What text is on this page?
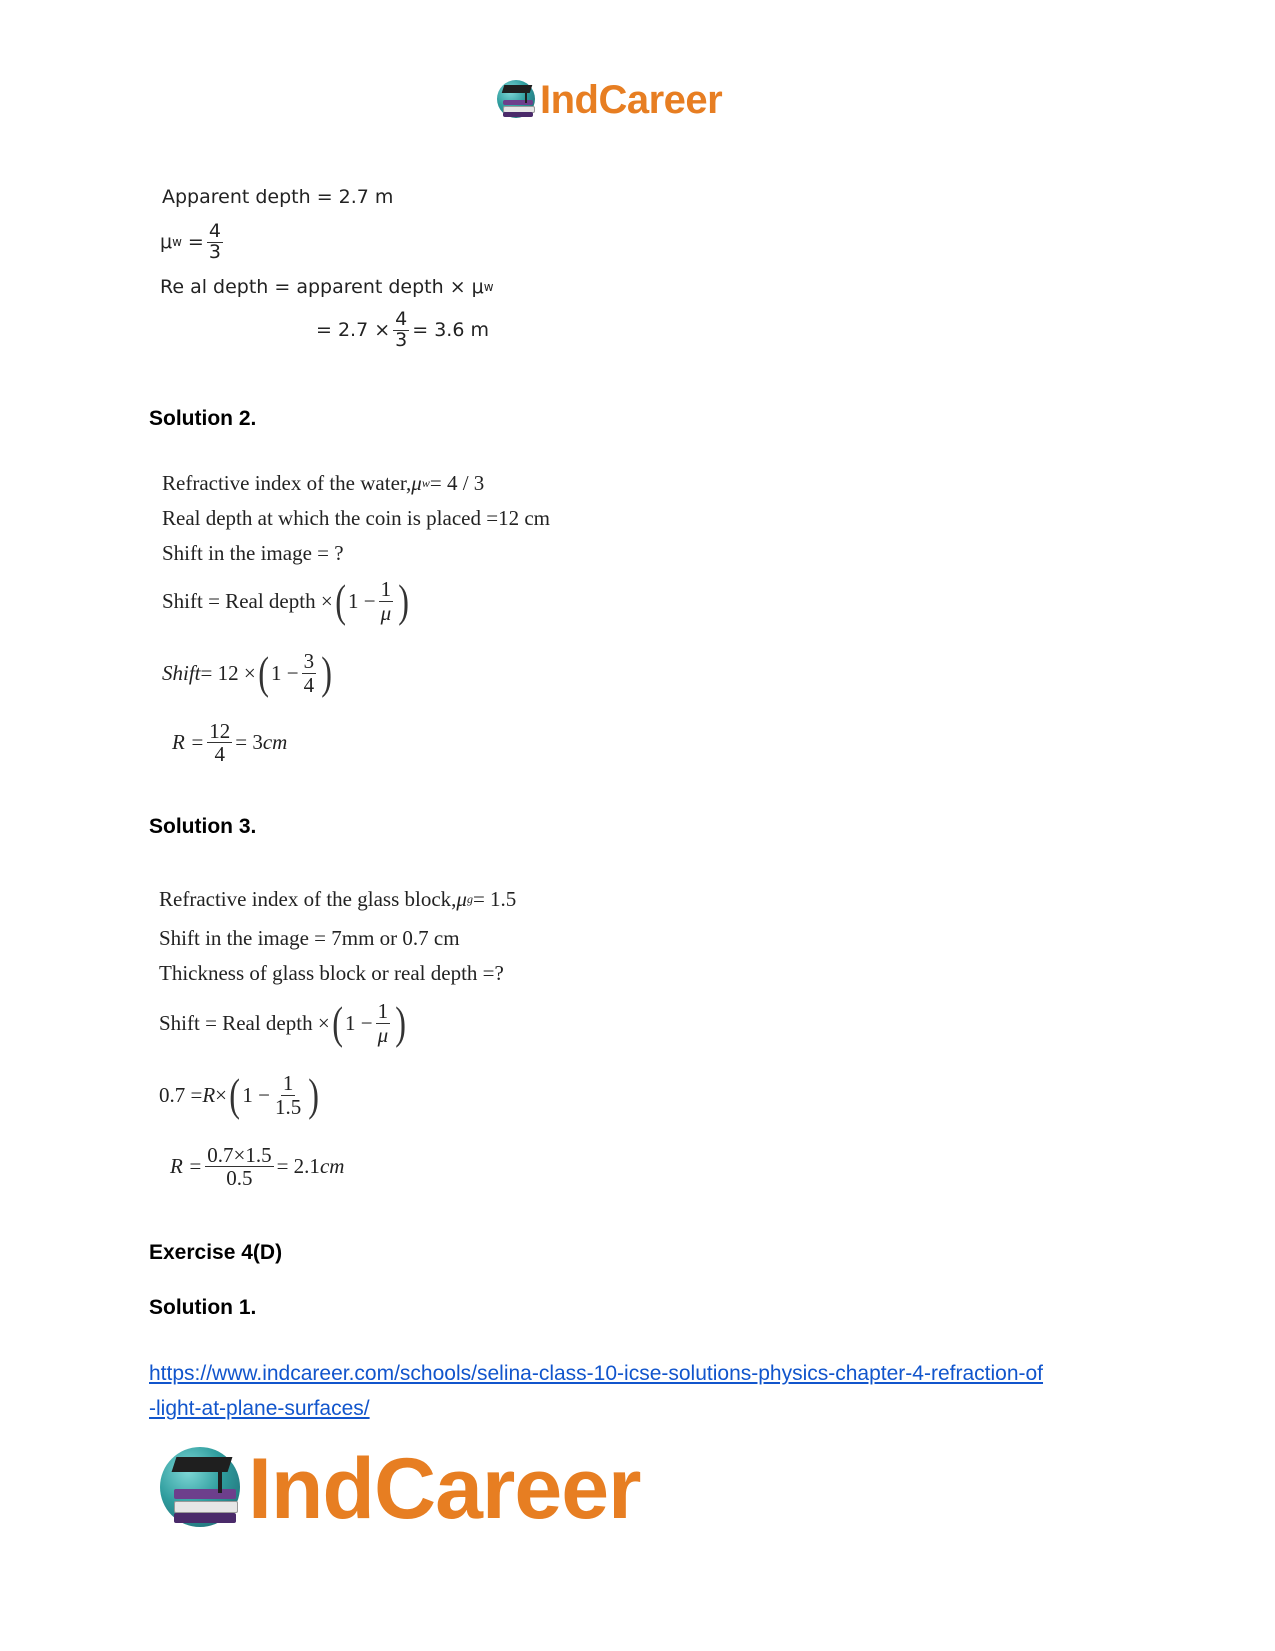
IndCareer
Apparent depth = 2.7 m
μ $w = \frac{4}{3}$
Re al depth = apparent depth × μ w
= $2.7 \times \frac{4}{3} = 3.6$ m
Solution 2.
Refractive index of the water, μ w = 4 / 3
Real depth at which the coin is placed =12 cm
Shift in the image = ?
Shift = Real depth × ( $1 - \frac{1}{\mu}$ )
Shift = 12 × ( $1 - \frac{3}{4}$ )
$R = \frac{12}{4} = 3$ cm
Solution 3.
Refractive index of the glass block, μ g = 1.5
Shift in the image = 7mm or 0.7 cm
Thickness of glass block or real depth =?
Shift = Real depth × ( $1 - \frac{1}{\mu}$ )
0.7 = R × ( $1 - \frac{1}{1.5}$ )
$R = \frac{0.7\times 1.5}{0.5} = 2.1$ cm
Exercise 4(D)
Solution 1.
https://www.indcareer.com/schools/selina-class-10-icse-solutions-physics-chapter-4-refraction-of
-light-at-plane-surfaces/
IndCareer
